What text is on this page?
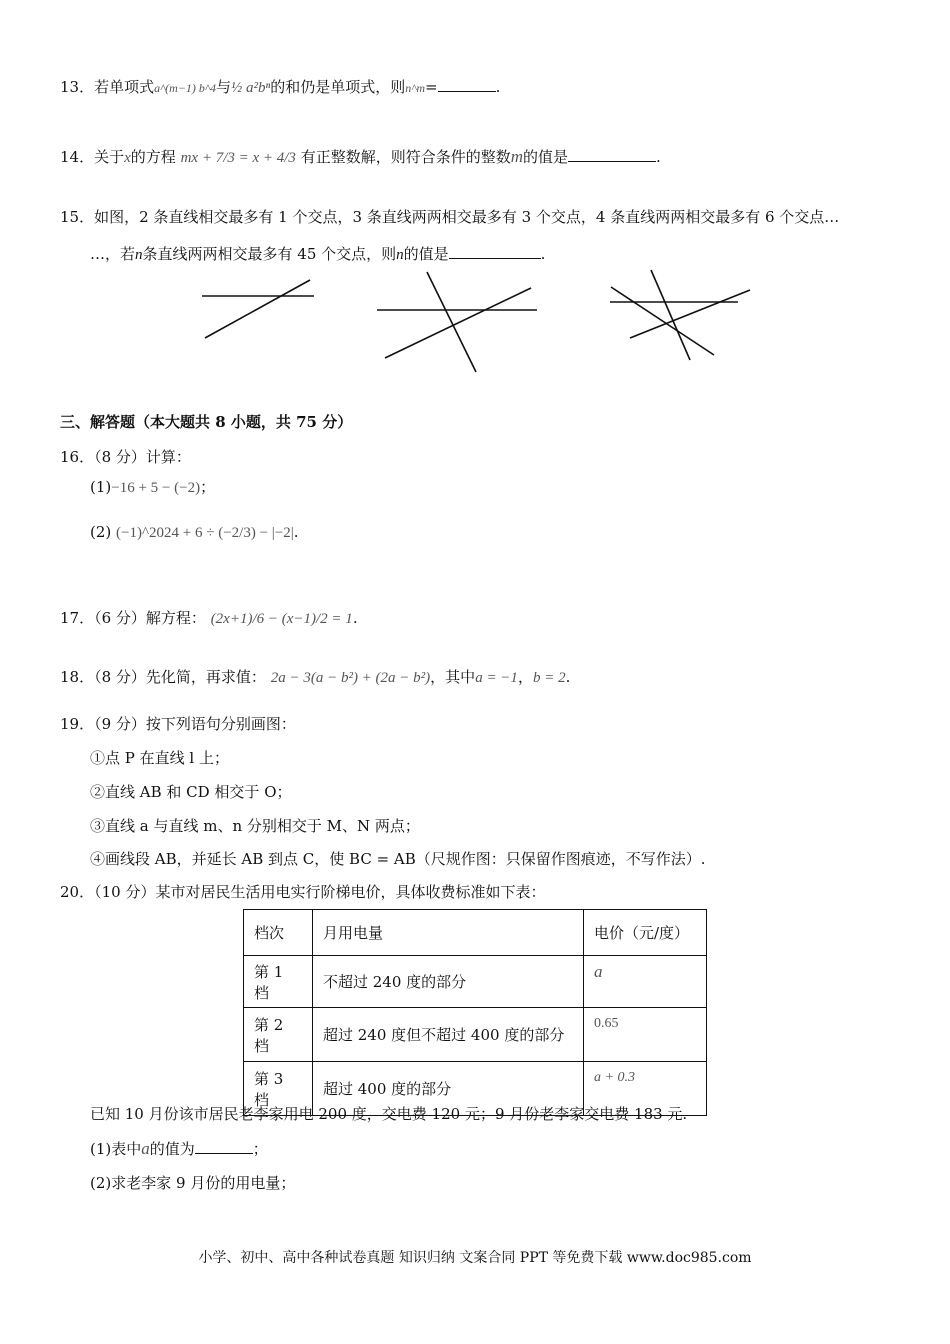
13．若单项式a^(m−1) b^4与½ a²bⁿ的和仍是单项式，则n^m=	.
14．关于x的方程 mx + 7/3 = x + 4/3 有正整数解，则符合条件的整数m的值是	.
15．如图，2 条直线相交最多有 1 个交点，3 条直线两两相交最多有 3 个交点，4 条直线两两相交最多有 6 个交点…
…，若n条直线两两相交最多有 45 个交点，则n的值是	.
三、解答题（本大题共 8 小题，共 75 分）
16．（8 分）计算：
(1)−16 + 5 − (−2)；
(2) (−1)^2024 + 6 ÷ (−2/3) − |−2|.
17．（6 分）解方程： (2x+1)/6 − (x−1)/2 = 1.
18．（8 分）先化简，再求值： 2a − 3(a − b²) + (2a − b²)，其中a = −1，b = 2.
19．（9 分）按下列语句分别画图：
①点 P 在直线 l 上；
②直线 AB 和 CD 相交于 O；
③直线 a 与直线 m、n 分别相交于 M、N 两点；
④画线段 AB，并延长 AB 到点 C，使 BC = AB（尺规作图：只保留作图痕迹，不写作法）.
20．（10 分）某市对居民生活用电实行阶梯电价，具体收费标准如下表：
档次	月用电量	电价（元/度）
第 1 档	不超过 240 度的部分	a
第 2 档	超过 240 度但不超过 400 度的部分	0.65
第 3 档	超过 400 度的部分	a + 0.3
已知 10 月份该市居民老李家用电 200 度，交电费 120 元；9 月份老李家交电费 183 元.
(1)表中a的值为	；
(2)求老李家 9 月份的用电量；
小学、初中、高中各种试卷真题 知识归纳 文案合同 PPT 等免费下载 www.doc985.com
